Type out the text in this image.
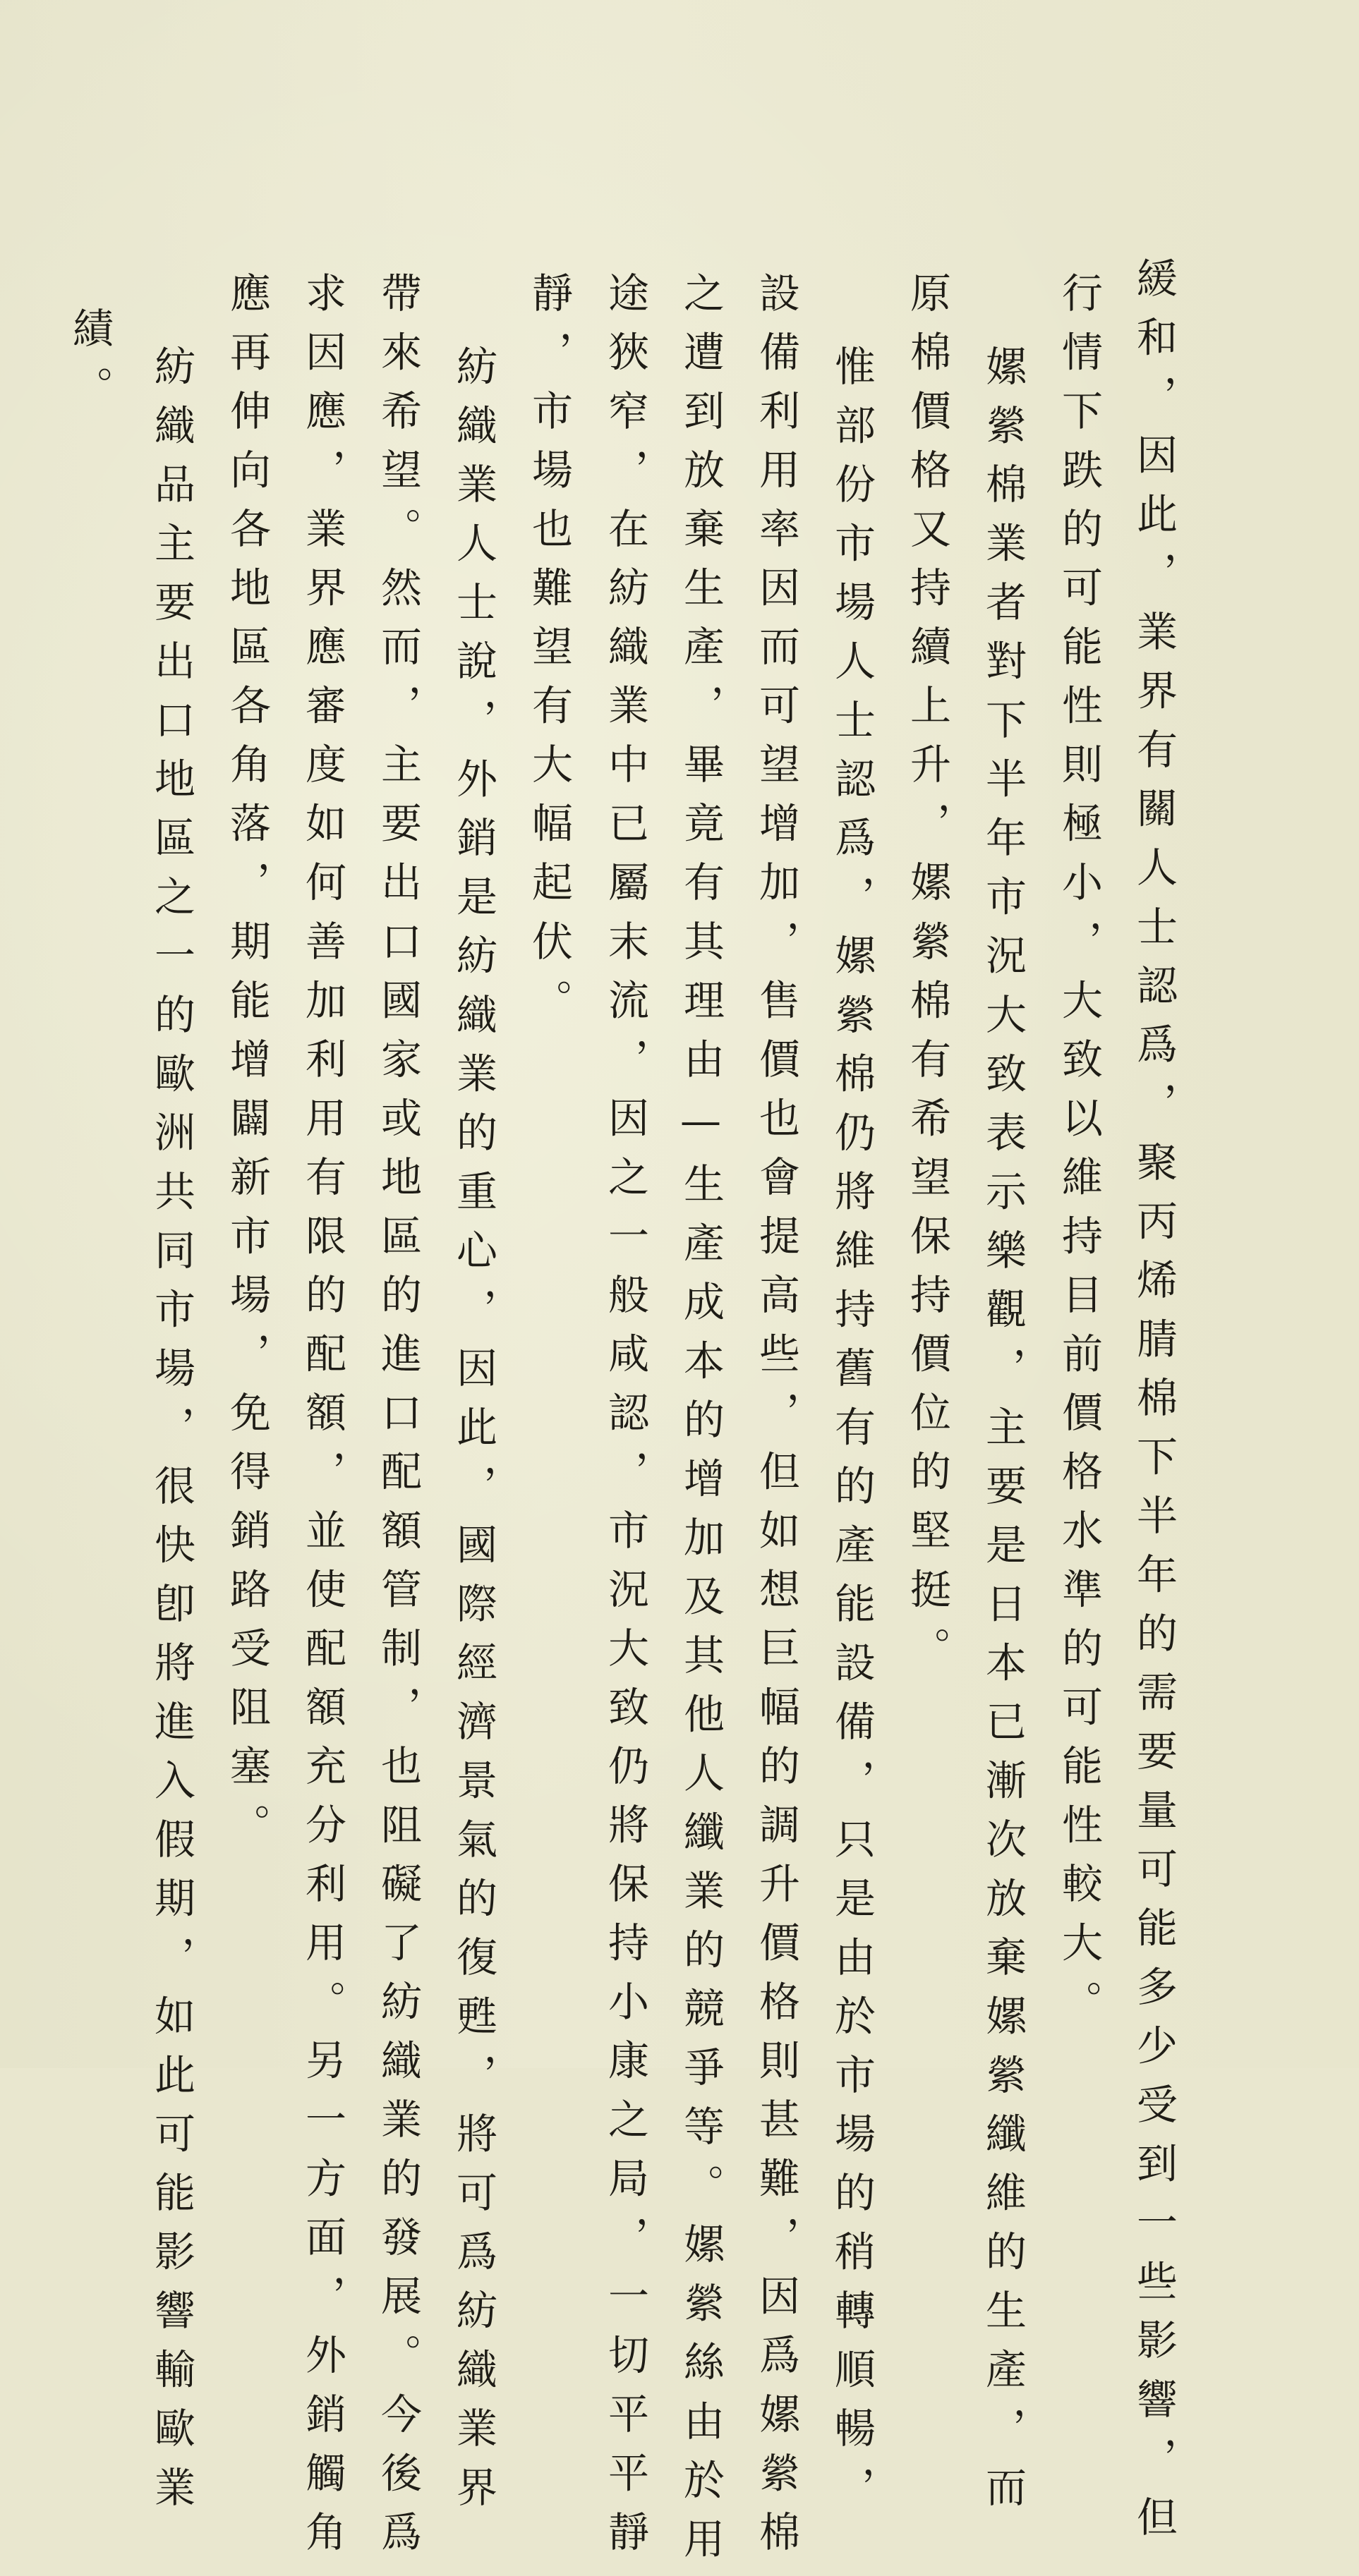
緩和，因此，業界有關人士認爲，聚丙烯腈棉下半年的需要量可能多少受到一些影響，但
行情下跌的可能性則極小，大致以維持目前價格水準的可能性較大。
嫘縈棉業者對下半年市況大致表示樂觀，主要是日本已漸次放棄嫘縈纖維的生產，而
原棉價格又持續上升，嫘縈棉有希望保持價位的堅挺。
惟部份市場人士認爲，嫘縈棉仍將維持舊有的產能設備，只是由於市場的稍轉順暢，
設備利用率因而可望增加，售價也會提高些，但如想巨幅的調升價格則甚難，因爲嫘縈棉
之遭到放棄生產，畢竟有其理由—生產成本的增加及其他人纖業的競爭等。嫘縈絲由於用
途狹窄，在紡織業中已屬末流，因之一般咸認，市況大致仍將保持小康之局，一切平平靜
靜，市場也難望有大幅起伏。
紡織業人士說，外銷是紡織業的重心，因此，國際經濟景氣的復甦，將可爲紡織業界
帶來希望。然而，主要出口國家或地區的進口配額管制，也阻礙了紡織業的發展。今後爲
求因應，業界應審度如何善加利用有限的配額，並使配額充分利用。另一方面，外銷觸角
應再伸向各地區各角落，期能增闢新市場，免得銷路受阻塞。
紡織品主要出口地區之一的歐洲共同市場，很快卽將進入假期，如此可能影響輸歐業
績。
